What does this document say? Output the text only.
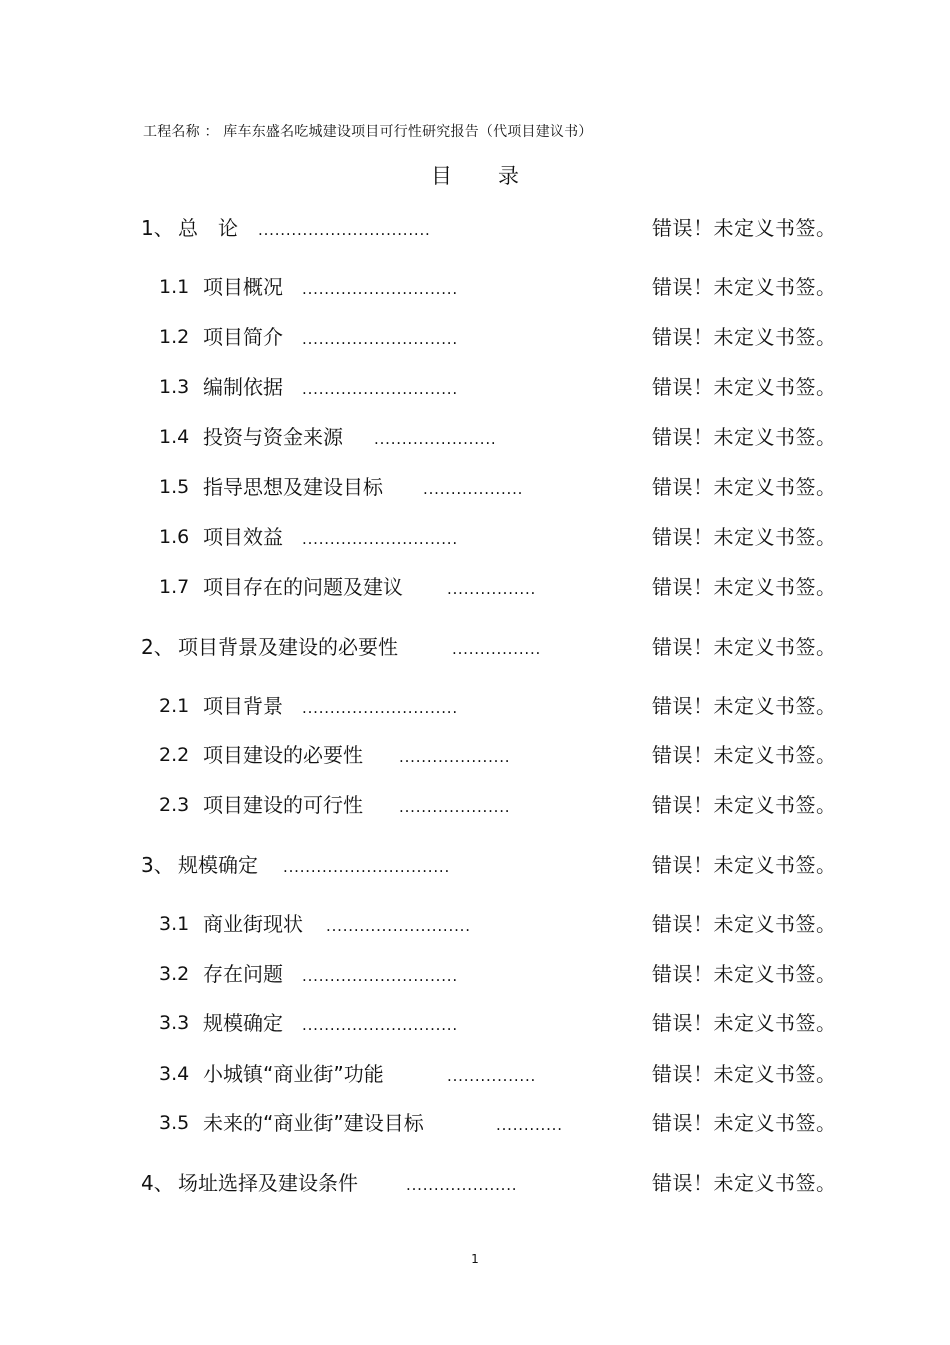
工程名称 ： 库车东盛名吃城建设项目可行性研究报告（代项目建议书）
目 录
1、 总　论 ...............................	错误！未定义书签。
1.1 项目概况 ............................	错误！未定义书签。
1.2 项目简介 ............................	错误！未定义书签。
1.3 编制依据 ............................	错误！未定义书签。
1.4 投资与资金来源 ......................	错误！未定义书签。
1.5 指导思想及建设目标	..................	错误！未定义书签。
1.6 项目效益 ............................	错误！未定义书签。
1.7 项目存在的问题及建议	................	错误！未定义书签。
2、 项目背景及建设的必要性	................	错误！未定义书签。
2.1 项目背景 ............................	错误！未定义书签。
2.2 项目建设的必要性 ....................	错误！未定义书签。
2.3 项目建设的可行性 ....................	错误！未定义书签。
3、 规模确定 ..............................	错误！未定义书签。
3.1 商业街现状 ..........................	错误！未定义书签。
3.2 存在问题 ............................	错误！未定义书签。
3.3 规模确定 ............................	错误！未定义书签。
3.4 小城镇“商业街”功能	................	错误！未定义书签。
3.5 未来的“商业街”建设目标	............	错误！未定义书签。
4、 场址选择及建设条件	....................	错误！未定义书签。
1
